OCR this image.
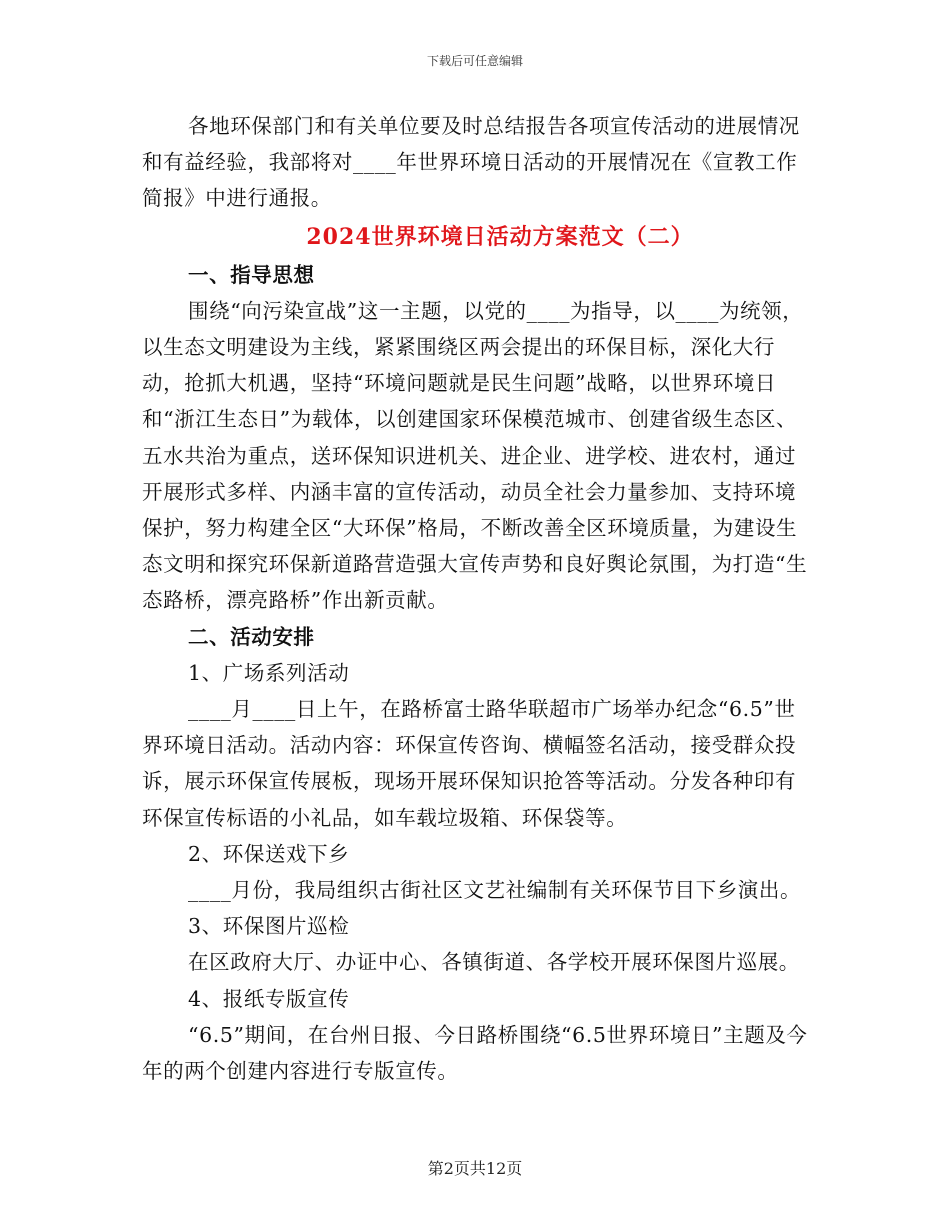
下载后可任意编辑

各地环保部门和有关单位要及时总结报告各项宣传活动的进展情况和有益经验，我部将对____年世界环境日活动的开展情况在《宣教工作简报》中进行通报。

2024世界环境日活动方案范文（二）

一、指导思想

围绕“向污染宣战”这一主题，以党的____为指导，以____为统领，以生态文明建设为主线，紧紧围绕区两会提出的环保目标，深化大行动，抢抓大机遇，坚持“环境问题就是民生问题”战略，以世界环境日和“浙江生态日”为载体，以创建国家环保模范城市、创建省级生态区、五水共治为重点，送环保知识进机关、进企业、进学校、进农村，通过开展形式多样、内涵丰富的宣传活动，动员全社会力量参加、支持环境保护，努力构建全区“大环保”格局，不断改善全区环境质量，为建设生态文明和探究环保新道路营造强大宣传声势和良好舆论氛围，为打造“生态路桥，漂亮路桥”作出新贡献。

二、活动安排

1、广场系列活动

____月____日上午，在路桥富士路华联超市广场举办纪念“6.5”世界环境日活动。活动内容：环保宣传咨询、横幅签名活动，接受群众投诉，展示环保宣传展板，现场开展环保知识抢答等活动。分发各种印有环保宣传标语的小礼品，如车载垃圾箱、环保袋等。

2、环保送戏下乡

____月份，我局组织古街社区文艺社编制有关环保节目下乡演出。

3、环保图片巡检

在区政府大厅、办证中心、各镇街道、各学校开展环保图片巡展。

4、报纸专版宣传

“6.5”期间，在台州日报、今日路桥围绕“6.5世界环境日”主题及今年的两个创建内容进行专版宣传。

第2页共12页
